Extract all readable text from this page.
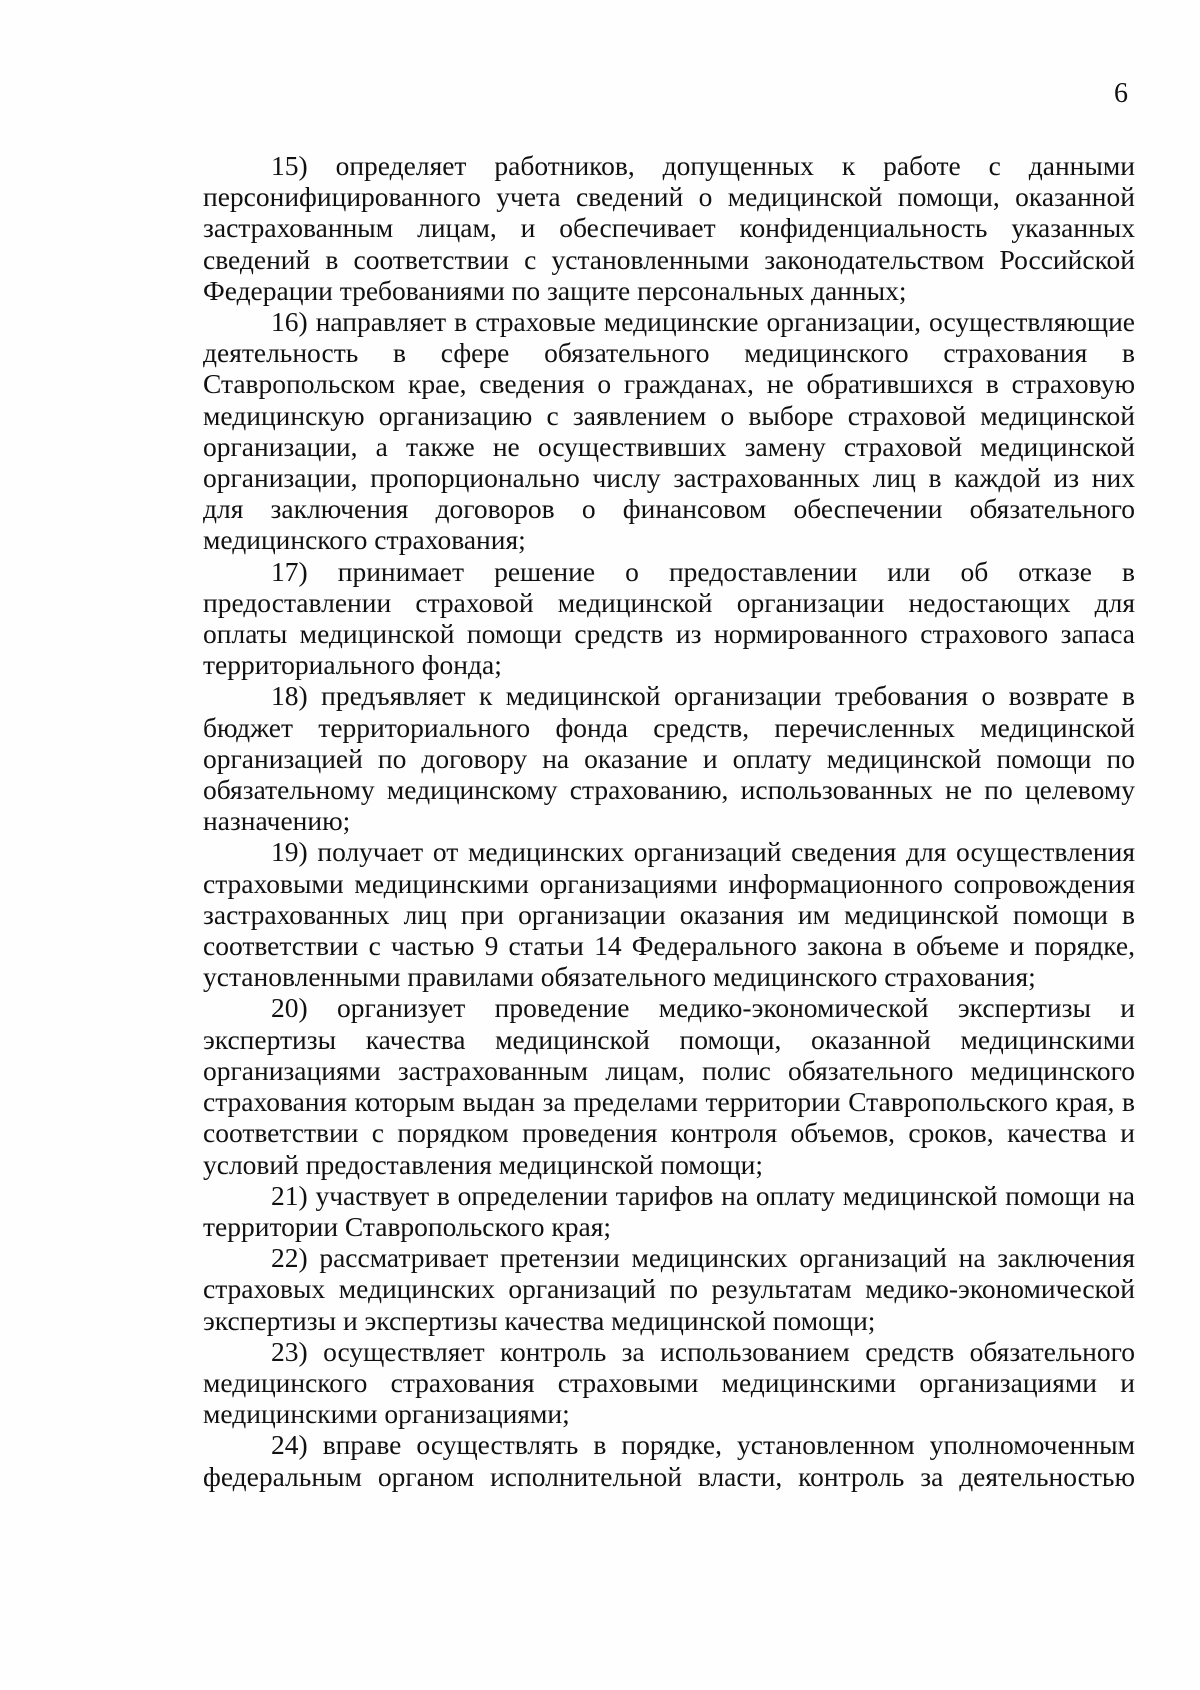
6

15) определяет работников, допущенных к работе с данными персонифицированного учета сведений о медицинской помощи, оказанной застрахованным лицам, и обеспечивает конфиденциальность указанных сведений в соответствии с установленными законодательством Российской Федерации требованиями по защите персональных данных;

16) направляет в страховые медицинские организации, осуществляющие деятельность в сфере обязательного медицинского страхования в Ставропольском крае, сведения о гражданах, не обратившихся в страховую медицинскую организацию с заявлением о выборе страховой медицинской организации, а также не осуществивших замену страховой медицинской организации, пропорционально числу застрахованных лиц в каждой из них для заключения договоров о финансовом обеспечении обязательного медицинского страхования;

17) принимает решение о предоставлении или об отказе в предоставлении страховой медицинской организации недостающих для оплаты медицинской помощи средств из нормированного страхового запаса территориального фонда;

18) предъявляет к медицинской организации требования о возврате в бюджет территориального фонда средств, перечисленных медицинской организацией по договору на оказание и оплату медицинской помощи по обязательному медицинскому страхованию, использованных не по целевому назначению;

19) получает от медицинских организаций сведения для осуществления страховыми медицинскими организациями информационного сопровождения застрахованных лиц при организации оказания им медицинской помощи в соответствии с частью 9 статьи 14 Федерального закона в объеме и порядке, установленными правилами обязательного медицинского страхования;

20) организует проведение медико-экономической экспертизы и экспертизы качества медицинской помощи, оказанной медицинскими организациями застрахованным лицам, полис обязательного медицинского страхования которым выдан за пределами территории Ставропольского края, в соответствии с порядком проведения контроля объемов, сроков, качества и условий предоставления медицинской помощи;

21) участвует в определении тарифов на оплату медицинской помощи на территории Ставропольского края;

22) рассматривает претензии медицинских организаций на заключения страховых медицинских организаций по результатам медико-экономической экспертизы и экспертизы качества медицинской помощи;

23) осуществляет контроль за использованием средств обязательного медицинского страхования страховыми медицинскими организациями и медицинскими организациями;

24) вправе осуществлять в порядке, установленном уполномоченным федеральным органом исполнительной власти, контроль за деятельностью
